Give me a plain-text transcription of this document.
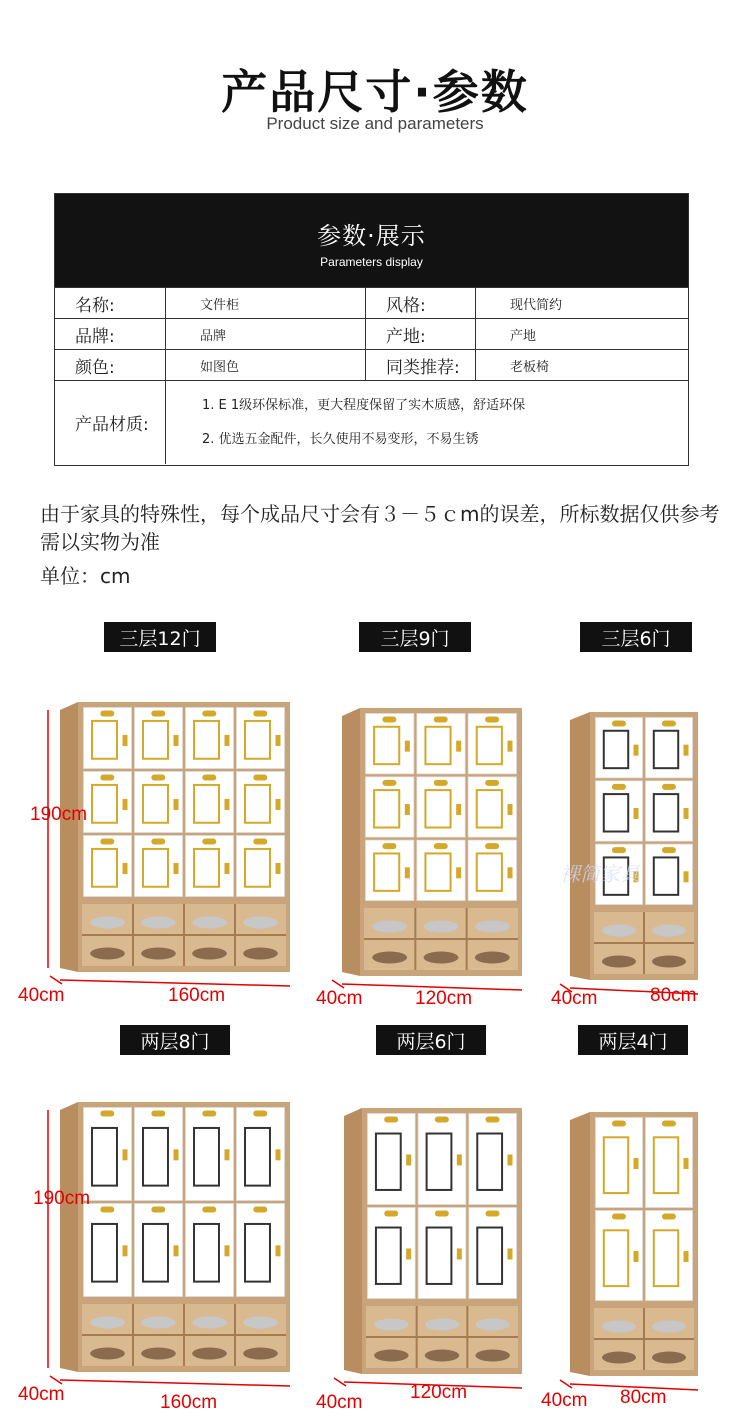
产品尺寸·参数
Product size and parameters
参数·展示
Parameters display
名称:	文件柜	风格:	现代简约
品牌:	品牌	产地:	产地
颜色:	如图色	同类推荐:	老板椅
产品材质:
1. E 1级环保标准，更大程度保留了实木质感，舒适环保
2. 优选五金配件，长久使用不易变形，不易生锈
由于家具的特殊性，每个成品尺寸会有３－５ｃm的误差，所标数据仅供参考需以实物为准
单位：cm
三层12门	三层9门	三层6门
两层8门	两层6门	两层4门
190cm
40cm	160cm	40cm	120cm	40cm	80cm
190cm
40cm	160cm	40cm	120cm	40cm 80cm
裸简家具
